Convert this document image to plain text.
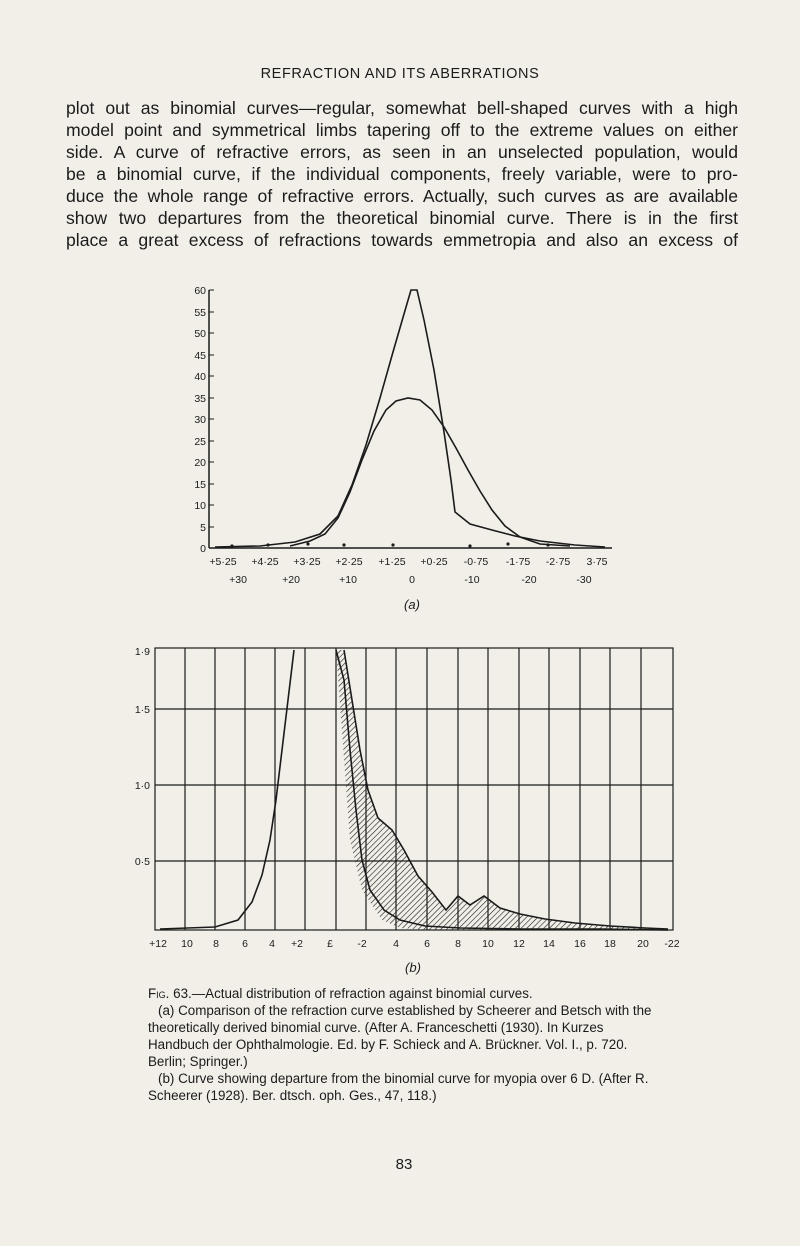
REFRACTION AND ITS ABERRATIONS
plot out as binomial curves—regular, somewhat bell-shaped curves with a high
model point and symmetrical limbs tapering off to the extreme values on either
side. A curve of refractive errors, as seen in an unselected population, would
be a binomial curve, if the individual components, freely variable, were to pro-
duce the whole range of refractive errors. Actually, such curves as are available
show two departures from the theoretical binomial curve. There is in the first
place a great excess of refractions towards emmetropia and also an excess of
60
55
50
45
40
35
30
25
20
15
10
5
0
+5·25 +4·25 +3·25 +2·25 +1·25 +0·25 -0·75 -1·75 -2·75 3·75
+30	+20	+10	0	-10	-20	-30
(a)
1·9
1·5
1·0
0·5
+12 10 8 6 4 +2 £ -2	4 6 8 10 12 14 16 18 20 -22
(b)

Fig. 63.—Actual distribution of refraction against binomial curves.

(a) Comparison of the refraction curve established by Scheerer and Betsch with the theoretically derived binomial curve. (After A. Franceschetti (1930). In Kurzes Handbuch der Ophthalmologie. Ed. by F. Schieck and A. Brückner. Vol. I., p. 720. Berlin; Springer.)

(b) Curve showing departure from the binomial curve for myopia over 6 D. (After R. Scheerer (1928). Ber. dtsch. oph. Ges., 47, 118.)

83
